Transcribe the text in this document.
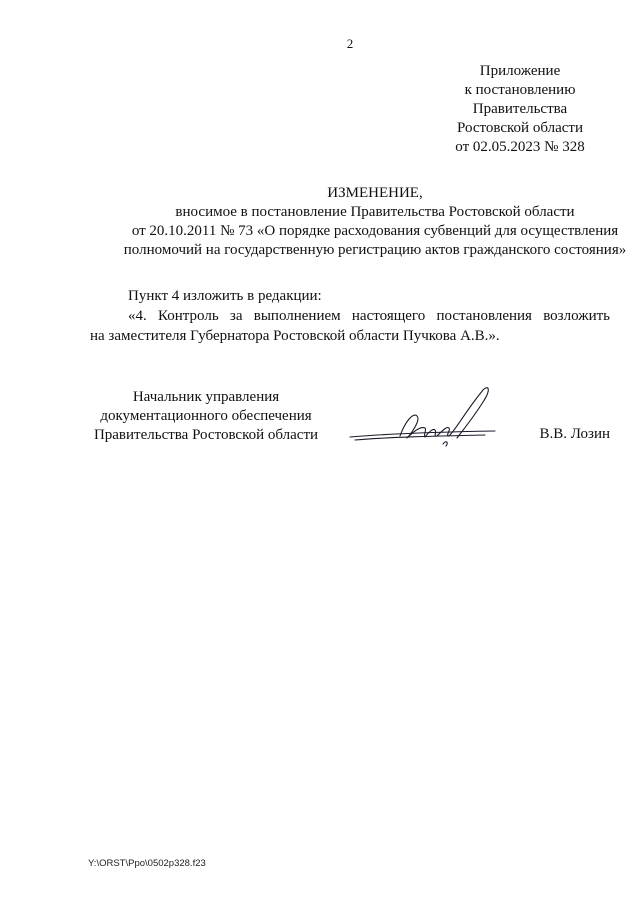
2
Приложение
к постановлению
Правительства
Ростовской области
от 02.05.2023 № 328
ИЗМЕНЕНИЕ,
вносимое в постановление Правительства Ростовской области
от 20.10.2011 № 73 «О порядке расходования субвенций для осуществления
полномочий на государственную регистрацию актов гражданского состояния»

Пункт 4 изложить в редакции:

«4. Контроль за выполнением настоящего постановления возложить

на заместителя Губернатора Ростовской области Пучкова А.В.».

Начальник управления
документационного обеспечения
Правительства Ростовской области	В.В. Лозин
Y:\ORST\Ppo\0502p328.f23
